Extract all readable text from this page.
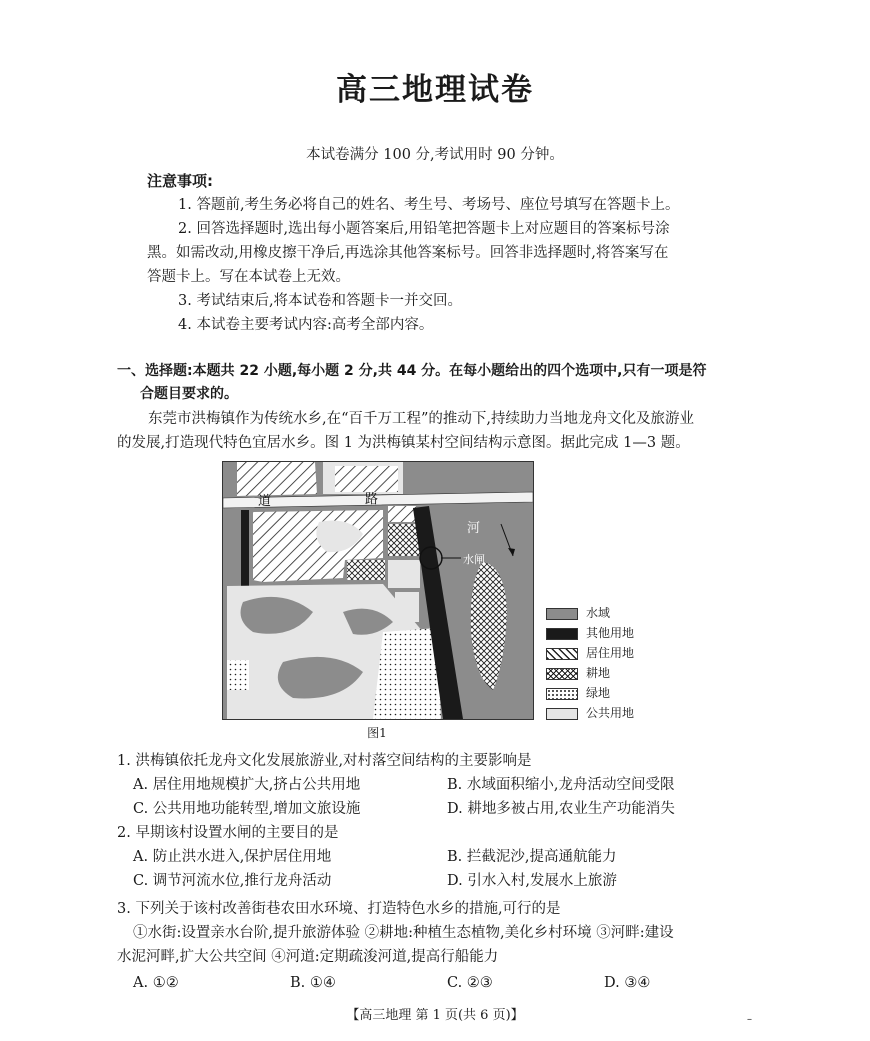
高三地理试卷
本试卷满分 100 分,考试用时 90 分钟。
注意事项:
1. 答题前,考生务必将自己的姓名、考生号、考场号、座位号填写在答题卡上。
2. 回答选择题时,选出每小题答案后,用铅笔把答题卡上对应题目的答案标号涂
黑。如需改动,用橡皮擦干净后,再选涂其他答案标号。回答非选择题时,将答案写在
答题卡上。写在本试卷上无效。
3. 考试结束后,将本试卷和答题卡一并交回。
4. 本试卷主要考试内容:高考全部内容。
一、选择题:本题共 22 小题,每小题 2 分,共 44 分。在每小题给出的四个选项中,只有一项是符
合题目要求的。
东莞市洪梅镇作为传统水乡,在“百千万工程”的推动下,持续助力当地龙舟文化及旅游业
的发展,打造现代特色宜居水乡。图 1 为洪梅镇某村空间结构示意图。据此完成 1—3 题。
道	路
河
水闸
水域
其他用地
居住用地
耕地
绿地
公共用地
图1
1. 洪梅镇依托龙舟文化发展旅游业,对村落空间结构的主要影响是
A. 居住用地规模扩大,挤占公共用地	B. 水域面积缩小,龙舟活动空间受限
C. 公共用地功能转型,增加文旅设施	D. 耕地多被占用,农业生产功能消失
2. 早期该村设置水闸的主要目的是
A. 防止洪水进入,保护居住用地	B. 拦截泥沙,提高通航能力
C. 调节河流水位,推行龙舟活动	D. 引水入村,发展水上旅游
3. 下列关于该村改善街巷农田水环境、打造特色水乡的措施,可行的是
①水街:设置亲水台阶,提升旅游体验 ②耕地:种植生态植物,美化乡村环境 ③河畔:建设
水泥河畔,扩大公共空间 ④河道:定期疏浚河道,提高行船能力
A. ①②	B. ①④	C. ②③	D. ③④
【高三地理 第 1 页(共 6 页)】	–
